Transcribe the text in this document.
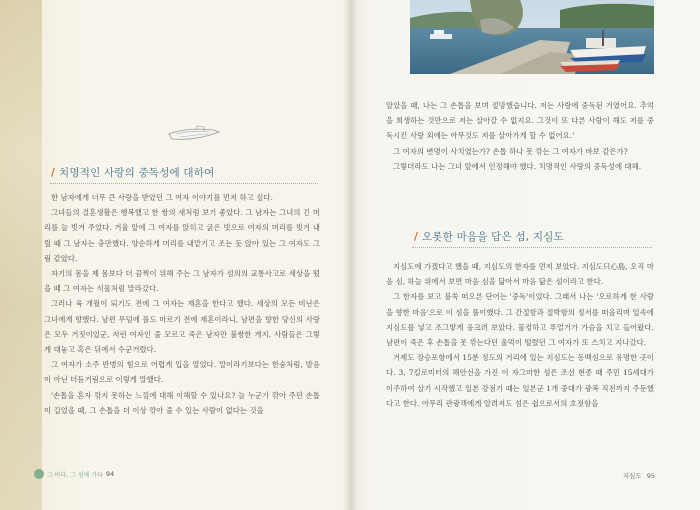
/ 치명적인 사랑의 중독성에 대하여

한 남자에게 너무 큰 사랑을 받았던 그 여자 이야기를 먼저 하고 싶다.

그녀들의 결혼생활은 행복했고 한 쌍의 새처럼 보기 좋았다. 그 남자는 그녀의 긴 머리를 늘 빗겨 주었다. 거울 앞에 그 여자를 앉히고 굵은 빗으로 여자의 머리를 빗겨 내릴 때 그 남자는 충만했다. 양순하게 머리를 내맡기고 조는 듯 앉아 있는 그 여자도 그림 같았다.

자기의 몸을 제 몸보다 더 끔찍이 위해 주는 그 남자가 섬의의 교통사고로 세상을 떴을 때 그 여자는 식물처럼 말라갔다.

그러나 육 개월이 되기도 전에 그 여자는 재혼을 한다고 했다. 세상의 모든 비난은 그녀에게 향했다. 남편 무덤에 풀도 마르기 전에 재혼이라니, 남편을 향한 당신의 사랑은 모두 거짓이었군, 저런 여자인 줄 모르고 죽은 남자만 불쌍한 게지. 사람들은 그렇게 대놓고 혹은 뒤에서 수군거렸다.

그 여자가 소주 반병의 힘으로 어렵게 입을 열었다. 말이라기보다는 한숨처럼, 발음이 아닌 더듬거림으로 이렇게 말했다.

'손톱을 혼자 깎지 못하는 느낌에 대해 이해할 수 있나요? 늘 누군가 깎아 주던 손톱이 길었을 때, 그 손톱을 더 이상 깎아 줄 수 있는 사람이 없다는 것을

그 바다, 그 섬에 가다 94

알았을 때, 나는 그 손톱을 보며 절망했습니다. 저는 사랑에 중독된 거였어요. 추억을 희생하는 것만으로 저는 살아갈 수 없지요. 그것이 또 다른 사람이 해도 저를 중독시킨 사랑 외에는 아무것도 저를 살아가게 할 수 없어요.'

그 여자의 변명이 사치였는가? 손톱 하나 못 깎는 그 여자가 바보 같은가?

그렇더라도 나는 그녀 앞에서 인정해야 했다. 치명적인 사랑의 중독성에 대해.

/ 오롯한 마음을 담은 섬, 지심도

지심도에 가겠다고 했을 때, 지심도의 한자를 먼저 보았다. 지심도只心島, 오직 마음 심, 하늘 위에서 보면 마음 심을 닮아서 마음 닮은 섬이라고 한다.

그 한자를 보고 불쑥 떠오른 단어는 '중독'이었다. 그래서 나는 '오로하게 한 사람을 향한 마음'으로 이 섬을 풀이했다. 그 간절함과 절박함의 정서를 떠올리며 일속에 지심도를 넣고 조그맣게 웅크려 보았다. 물컹하고 푸얼거가 가슴을 치고 들어왔다. 남편이 죽은 후 손톱을 못 깎는다던 울먹이 떨렸던 그 여자가 또 스치고 지나갔다.

거제도 장승포항에서 15분 정도의 거리에 있는 지심도는 동백섬으로 유명한 곳이다. 3, 7킬로미터의 해안선을 가진 이 자그마한 섬은 조선 현종 때 주민 15세대가 이주하여 살기 시작했고 일본 강점기 때는 일본군 1개 중대가 광복 직전까지 주둔했다고 한다. 아무리 관광객에게 알려져도 섬은 쉽으로서의 호젓함을

지심도 95
